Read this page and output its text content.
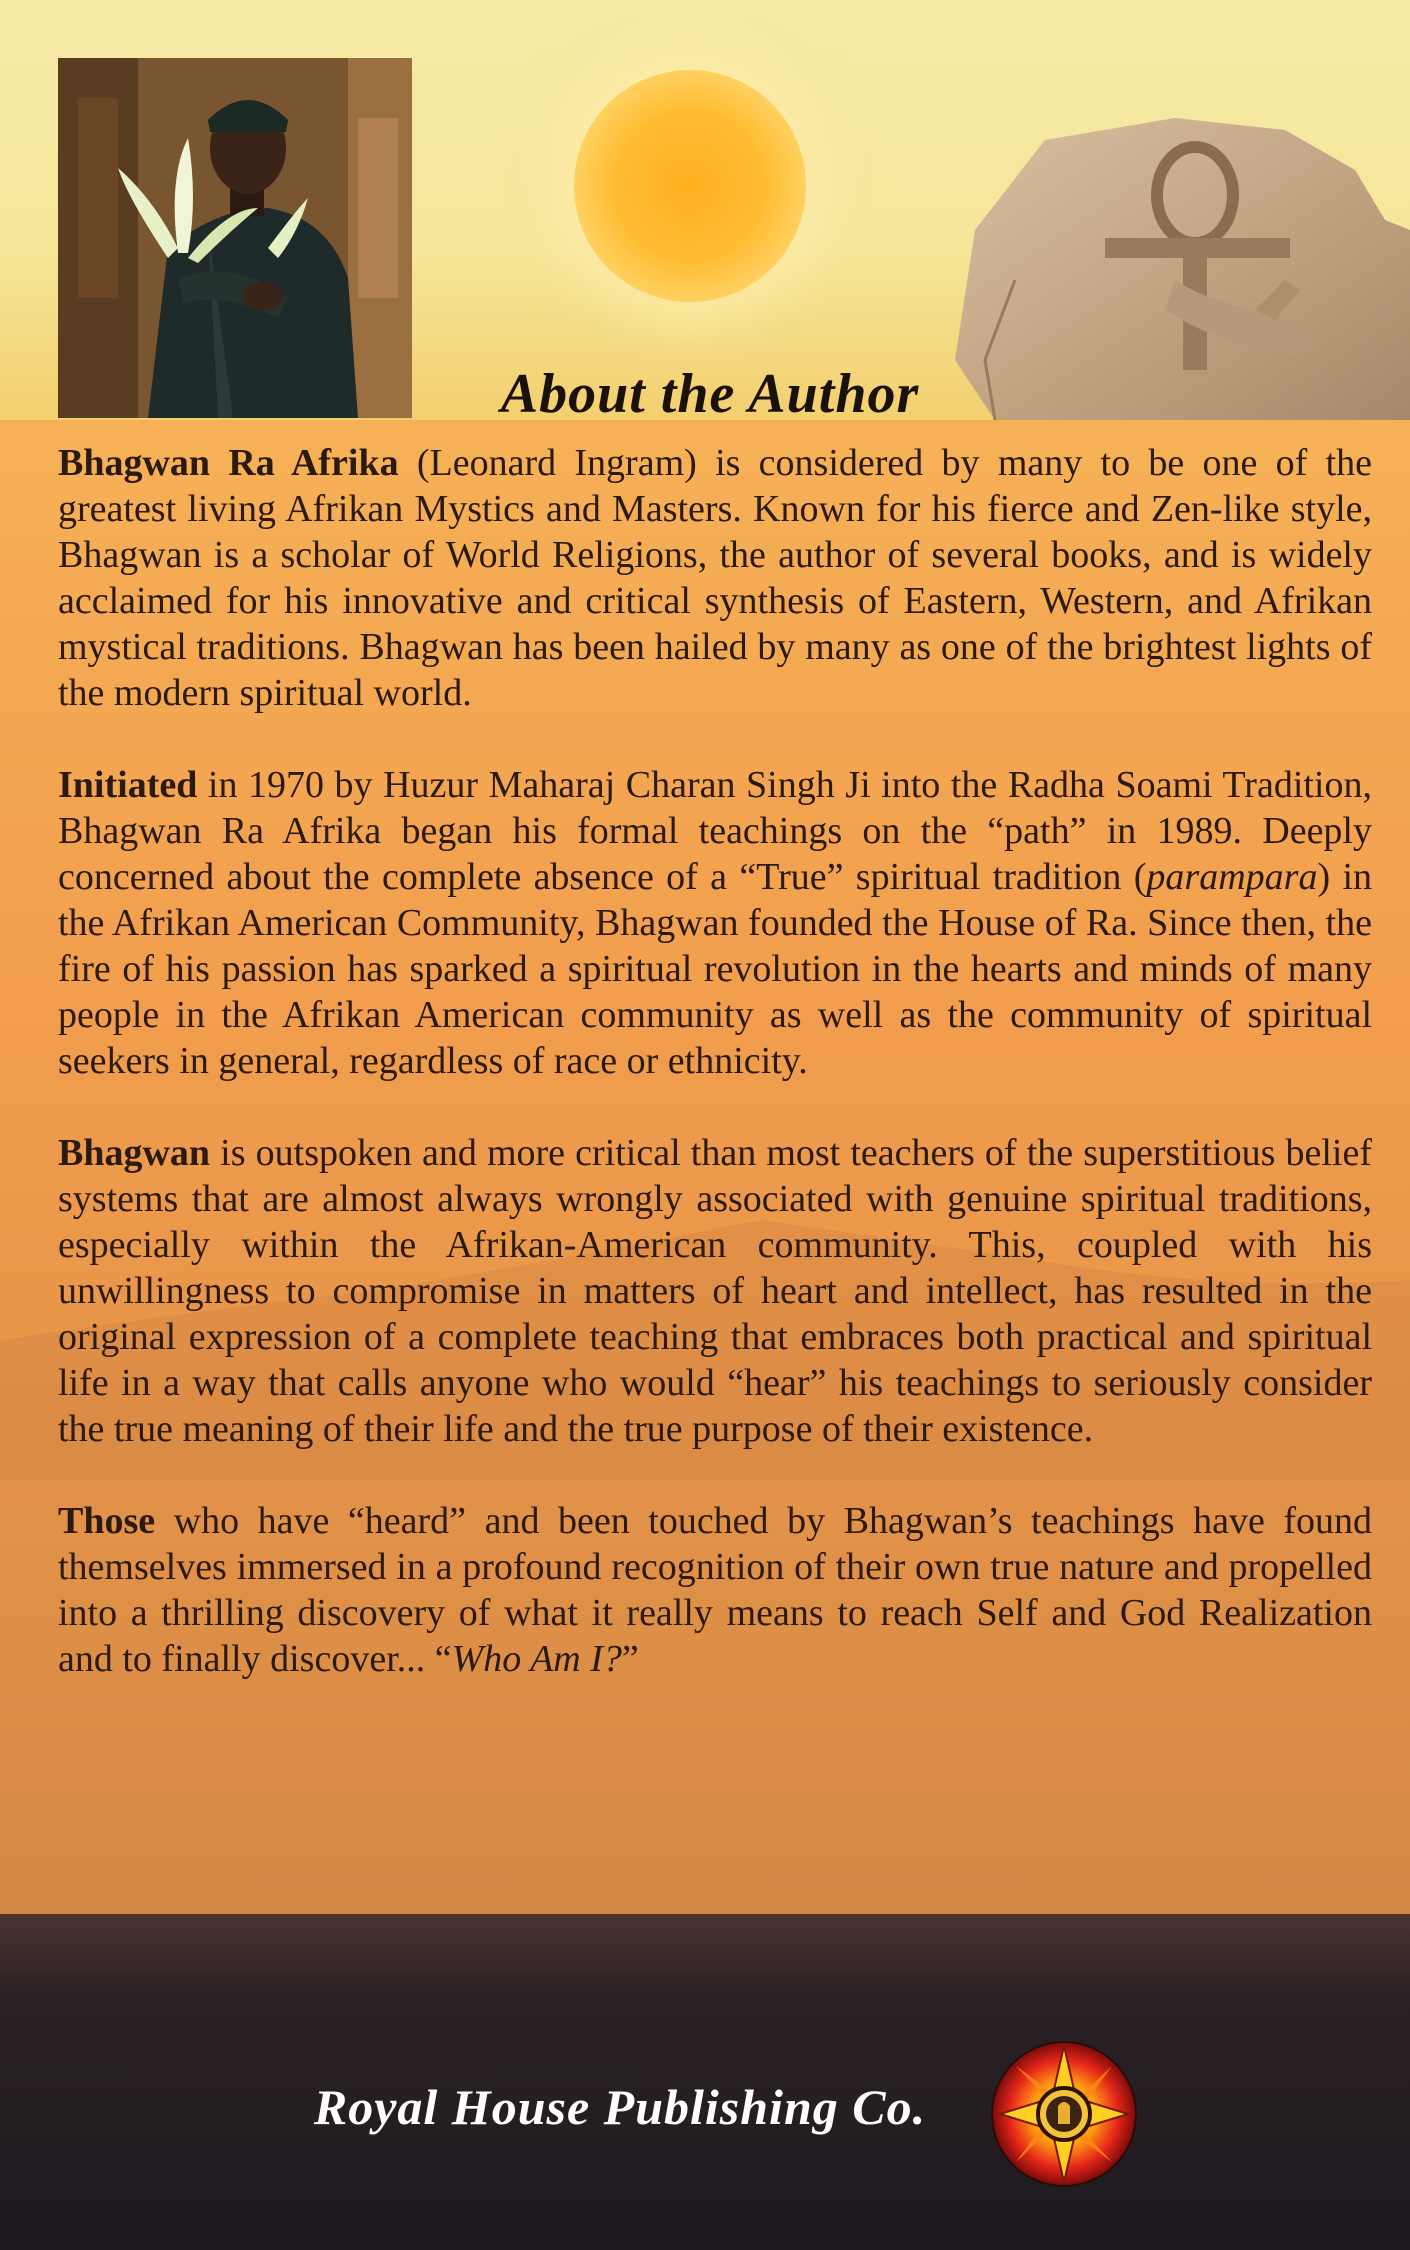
About the Author

Bhagwan Ra Afrika (Leonard Ingram) is considered by many to be one of the greatest living Afrikan Mystics and Masters. Known for his fierce and Zen-like style, Bhagwan is a scholar of World Religions, the author of several books, and is widely acclaimed for his innovative and critical synthesis of Eastern, Western, and Afrikan mystical traditions. Bhagwan has been hailed by many as one of the brightest lights of the modern spiritual world.

Initiated in 1970 by Huzur Maharaj Charan Singh Ji into the Radha Soami Tradition, Bhagwan Ra Afrika began his formal teachings on the “path” in 1989. Deeply concerned about the complete absence of a “True” spiritual tradition (parampara) in the Afrikan American Community, Bhagwan founded the House of Ra. Since then, the fire of his passion has sparked a spiritual revolution in the hearts and minds of many people in the Afrikan American community as well as the community of spiritual seekers in general, regardless of race or ethnicity.

Bhagwan is outspoken and more critical than most teachers of the superstitious belief systems that are almost always wrongly associated with genuine spiritual traditions, especially within the Afrikan-American community. This, coupled with his unwillingness to compromise in matters of heart and intellect, has resulted in the original expression of a complete teaching that embraces both practical and spiritual life in a way that calls anyone who would “hear” his teachings to seriously consider the true meaning of their life and the true purpose of their existence.

Those who have “heard” and been touched by Bhagwan’s teachings have found themselves immersed in a profound recognition of their own true nature and propelled into a thrilling discovery of what it really means to reach Self and God Realization and to finally discover... “Who Am I?”

Royal House Publishing Co.
